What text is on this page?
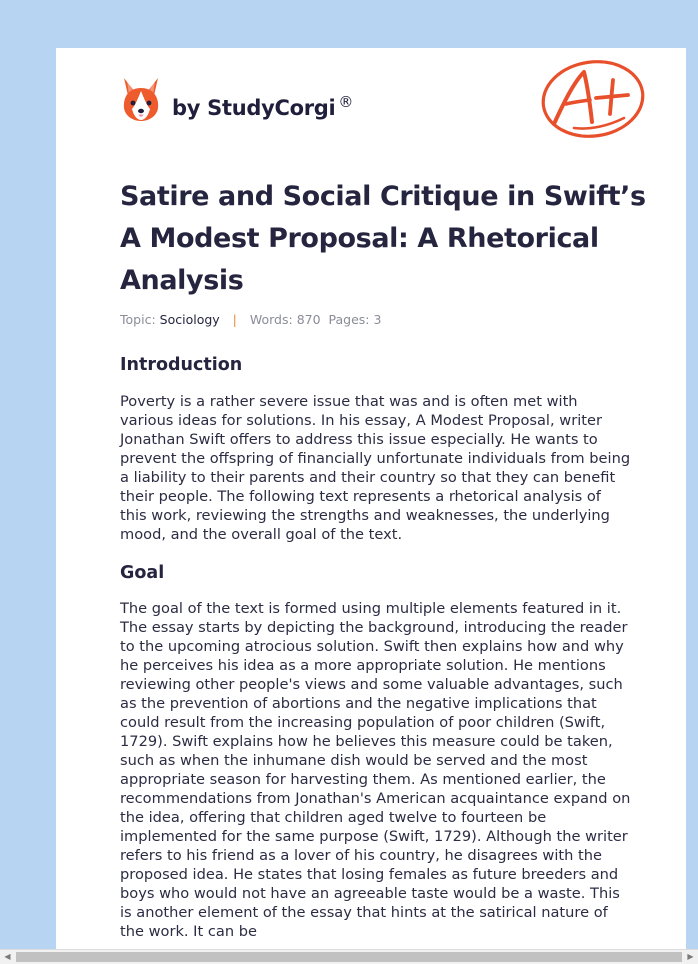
by StudyCorgi ®
Satire and Social Critique in Swift’s A Modest Proposal: A Rhetorical Analysis
Topic: Sociology | Words: 870 Pages: 3
Introduction

Poverty is a rather severe issue that was and is often met with various ideas for solutions. In his essay, A Modest Proposal, writer Jonathan Swift offers to address this issue especially. He wants to prevent the offspring of financially unfortunate individuals from being a liability to their parents and their country so that they can benefit their people. The following text represents a rhetorical analysis of this work, reviewing the strengths and weaknesses, the underlying mood, and the overall goal of the text.

Goal

The goal of the text is formed using multiple elements featured in it. The essay starts by depicting the background, introducing the reader to the upcoming atrocious solution. Swift then explains how and why he perceives his idea as a more appropriate solution. He mentions reviewing other people's views and some valuable advantages, such as the prevention of abortions and the negative implications that could result from the increasing population of poor children (Swift, 1729). Swift explains how he believes this measure could be taken, such as when the inhumane dish would be served and the most appropriate season for harvesting them. As mentioned earlier, the recommendations from Jonathan's American acquaintance expand on the idea, offering that children aged twelve to fourteen be implemented for the same purpose (Swift, 1729). Although the writer refers to his friend as a lover of his country, he disagrees with the proposed idea. He states that losing females as future breeders and boys who would not have an agreeable taste would be a waste. This is another element of the essay that hints at the satirical nature of the work. It can be

◀	▶
